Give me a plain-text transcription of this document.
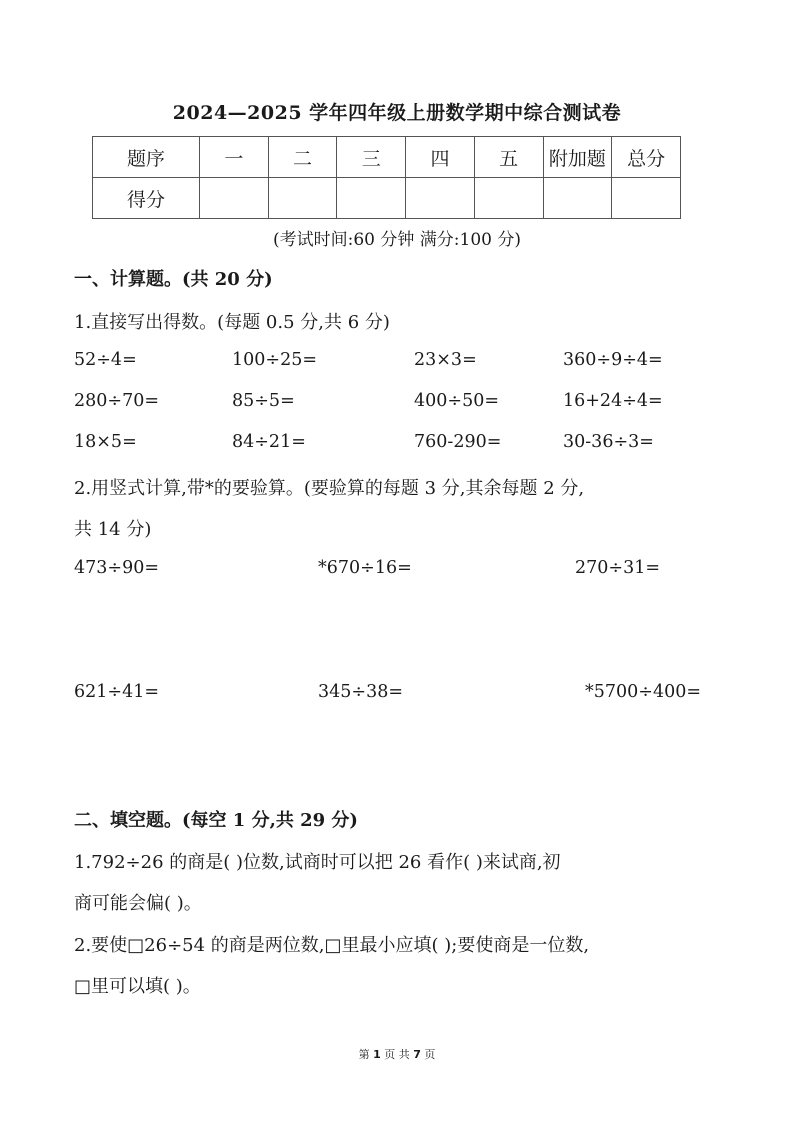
2024—2025 学年四年级上册数学期中综合测试卷
题序	一	二	三	四	五	附加题	总分
得分							
(考试时间:60 分钟 满分:100 分)
一、计算题。(共 20 分)
1.直接写出得数。(每题 0.5 分,共 6 分)
52÷4=	100÷25=	23×3=	360÷9÷4=
280÷70=	85÷5=	400÷50=	16+24÷4=
18×5=	84÷21=	760-290=	30-36÷3=
2.用竖式计算,带*的要验算。(要验算的每题 3 分,其余每题 2 分,
共 14 分)
473÷90=	*670÷16=	270÷31=
621÷41=	345÷38=	*5700÷400=
二、填空题。(每空 1 分,共 29 分)
1.792÷26 的商是( )位数,试商时可以把 26 看作( )来试商,初
商可能会偏( )。
2.要使□26÷54 的商是两位数,□里最小应填( );要使商是一位数,
□里可以填( )。
第 1 页 共 7 页
